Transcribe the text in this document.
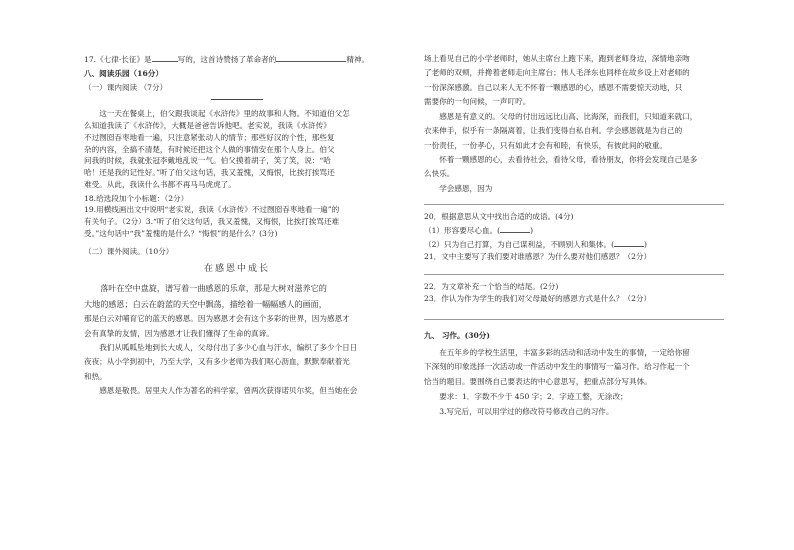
17.《七律·长征》是	写的，这首诗赞扬了革命者的	精神。

八、阅读乐园（16分）

（一）课内阅读 （7分）

这一天在餐桌上，伯父跟我谈起《水浒传》里的故事和人物。不知道伯父怎

么知道我读了《水浒传》，大概是爸爸告诉他吧。老实说，我读《水浒传》

不过囫囵吞枣地看一遍，只注意紧张动人的情节；那些好汉的个性，那些复

杂的内容，全搞不清楚，有时候还把这个人做的事情安在那个人身上。伯父

问我的时候，我就张冠李戴地乱说一气。伯父摸着胡子，笑了笑，说：“哈

哈！还是我的记性好。”听了伯父这句话，我又羞愧，又悔恨，比挨打挨骂还

难受。从此，我读什么书都不再马马虎虎了。

18.给选段加个小标题：（2分）

19.用横线画出文中说明“老实说，我读《水浒传》不过囫囵吞枣地看一遍”的

有关句子。（2分）3.“听了伯父这句话，我又羞愧，又悔恨，比挨打挨骂还难

受。”这句话中“我”羞愧的是什么？“悔恨”的是什么？(3分)

（二）课外阅读。（10分）

在感恩中成长

落叶在空中盘旋，谱写着一曲感恩的乐章，那是大树对滋养它的

大地的感恩；白云在蔚蓝的天空中飘荡，描绘着一幅幅感人的画面，

那是白云对哺育它的蓝天的感恩。因为感恩才会有这个多彩的世界，因为感恩才

会有真挚的友情，因为感恩才让我们懂得了生命的真谛。

我们从呱呱坠地到长大成人，父母付出了多少心血与汗水，编织了多少个日日

夜夜；从小学到初中，乃至大学，又有多少老师为我们呕心沥血，默默奉献着光

和热。

感恩是敬畏。居里夫人作为著名的科学家，曾两次获得诺贝尔奖，但当她在会

场上看见自己的小学老师时，她从主席台上跑下来，跑到老师身边，深情地亲吻

了老师的双颊，并搀着老师走向主席台；伟人毛泽东也同样在故乡设上对老师的

一份深深感激。自己以来人无不怀着一颗感恩的心，感恩不需要惊天动地，只

需要你的一句问候，一声叮咛。

感恩是有意义的。父母的付出远远比山高、比海深，而我们，只知道来就口，

衣来伸手，似乎有一条隔离着，让我们变得自私自利。学会感恩就是为自己的

一份责任，一份孝心，只有如此才会有和睦，有快乐，有彼此间的敬重。

怀着一颗感恩的心，去看待社会，看待父母，看待朋友，你将会发现自己是多

么快乐。

学会感恩，因为

20．根据意思从文中找出合适的成语。(4分)

（1）形容要尽心血。(	)

（2）只为自己打算，为自己谋利益，不顾别人和集体。(	)

21．文中主要写了我们要对谁感恩？为什么要对他们感恩？（2分）

22．为文章补充一个恰当的结尾。(2分)

23．作认为作为学生的我们对父母最好的感恩方式是什么？（2分）

九、 习作。(30分)

在五年乡的学校生活里，丰富多彩的活动和活动中发生的事情，一定给你留

下深刻的印象选择一次活动或一件活动中发生的事情写一篇习作。给习作起一个

恰当的题目。要围绕自己要表达的中心意思写，把重点部分写具体。

要求：1．字数不少于 450 字；2．字迹工整，无涂改；

3.写完后，可以用学过的修改符号修改自己的习作。
